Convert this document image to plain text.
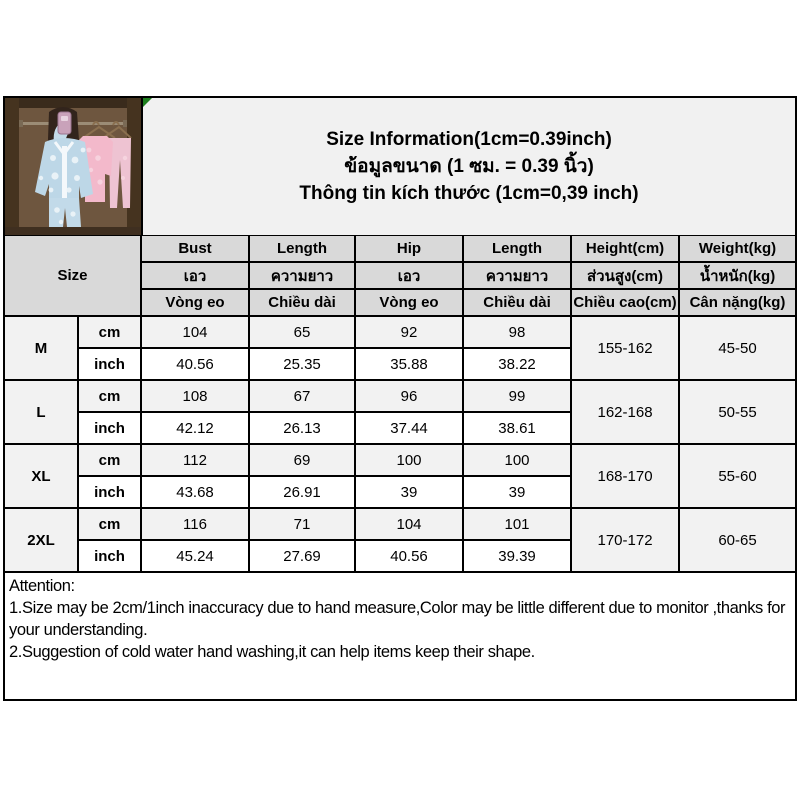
Size Information(1cm=0.39inch)
ข้อมูลขนาด (1 ซม. = 0.39 นิ้ว)
Thông tin kích thước (1cm=0,39 inch)
Size		Bust	Length	Hip	Length	Height(cm)	Weight(kg)
		เอว	ความยาว	เอว	ความยาว	ส่วนสูง(cm)	น้ำหนัก(kg)
		Vòng eo	Chiều dài	Vòng eo	Chiều dài	Chiều cao(cm)	Cân nặng(kg)
M	cm	104	65	92	98	155-162	45-50
	inch	40.56	25.35	35.88	38.22		
L	cm	108	67	96	99	162-168	50-55
	inch	42.12	26.13	37.44	38.61		
XL	cm	112	69	100	100	168-170	55-60
	inch	43.68	26.91	39	39		
2XL	cm	116	71	104	101	170-172	60-65
	inch	45.24	27.69	40.56	39.39		

Attention:

1.Size may be 2cm/1inch inaccuracy due to hand measure,Color may be little different due to monitor ,thanks for your understanding.

2.Suggestion of cold water hand washing,it can help items keep their shape.
